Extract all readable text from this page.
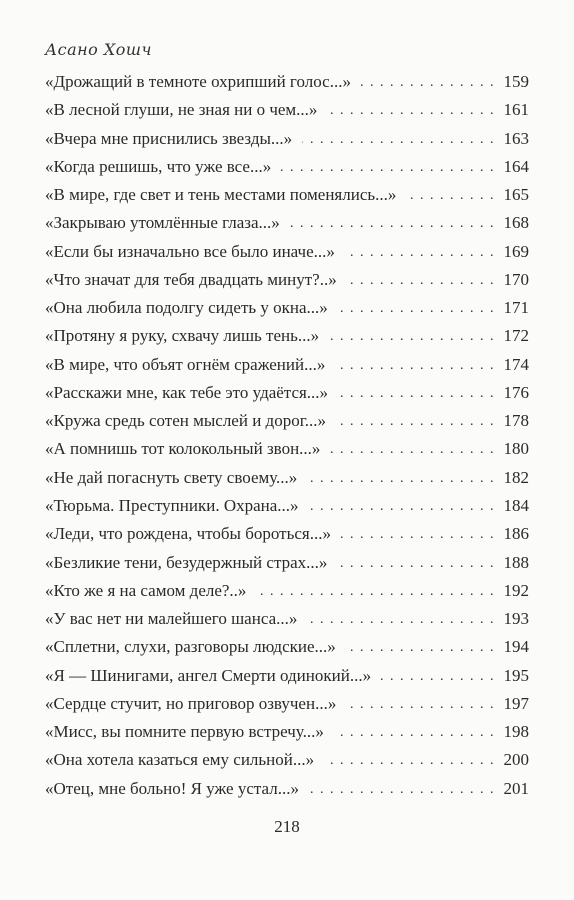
Асано Хошч
«Дрожащий в темноте охрипший голос...» . . .	159
«В лесной глуши, не зная ни о чем...» . . .	161
«Вчера мне приснились звезды...» . . .	163
«Когда решишь, что уже все...» . . .	164
«В мире, где свет и тень местами поменялись...» . . .	165
«Закрываю утомлённые глаза...» . . .	168
«Если бы изначально все было иначе...» . . .	169
«Что значат для тебя двадцать минут?..» . . .	170
«Она любила подолгу сидеть у окна...» . . .	171
«Протяну я руку, схвачу лишь тень...» . . .	172
«В мире, что объят огнём сражений...» . . .	174
«Расскажи мне, как тебе это удаётся...» . . .	176
«Кружа средь сотен мыслей и дорог...» . . .	178
«А помнишь тот колокольный звон...» . . .	180
«Не дай погаснуть свету своему...» . . .	182
«Тюрьма. Преступники. Охрана...» . . .	184
«Леди, что рождена, чтобы бороться...» . . .	186
«Безликие тени, безудержный страх...» . . .	188
«Кто же я на самом деле?..» . . .	192
«У вас нет ни малейшего шанса...» . . .	193
«Сплетни, слухи, разговоры людские...» . . .	194
«Я — Шинигами, ангел Смерти одинокий...» . . .	195
«Сердце стучит, но приговор озвучен...» . . .	197
«Мисс, вы помните первую встречу...» . . .	198
«Она хотела казаться ему сильной...» . . .	200
«Отец, мне больно! Я уже устал...» . . .	201
218
